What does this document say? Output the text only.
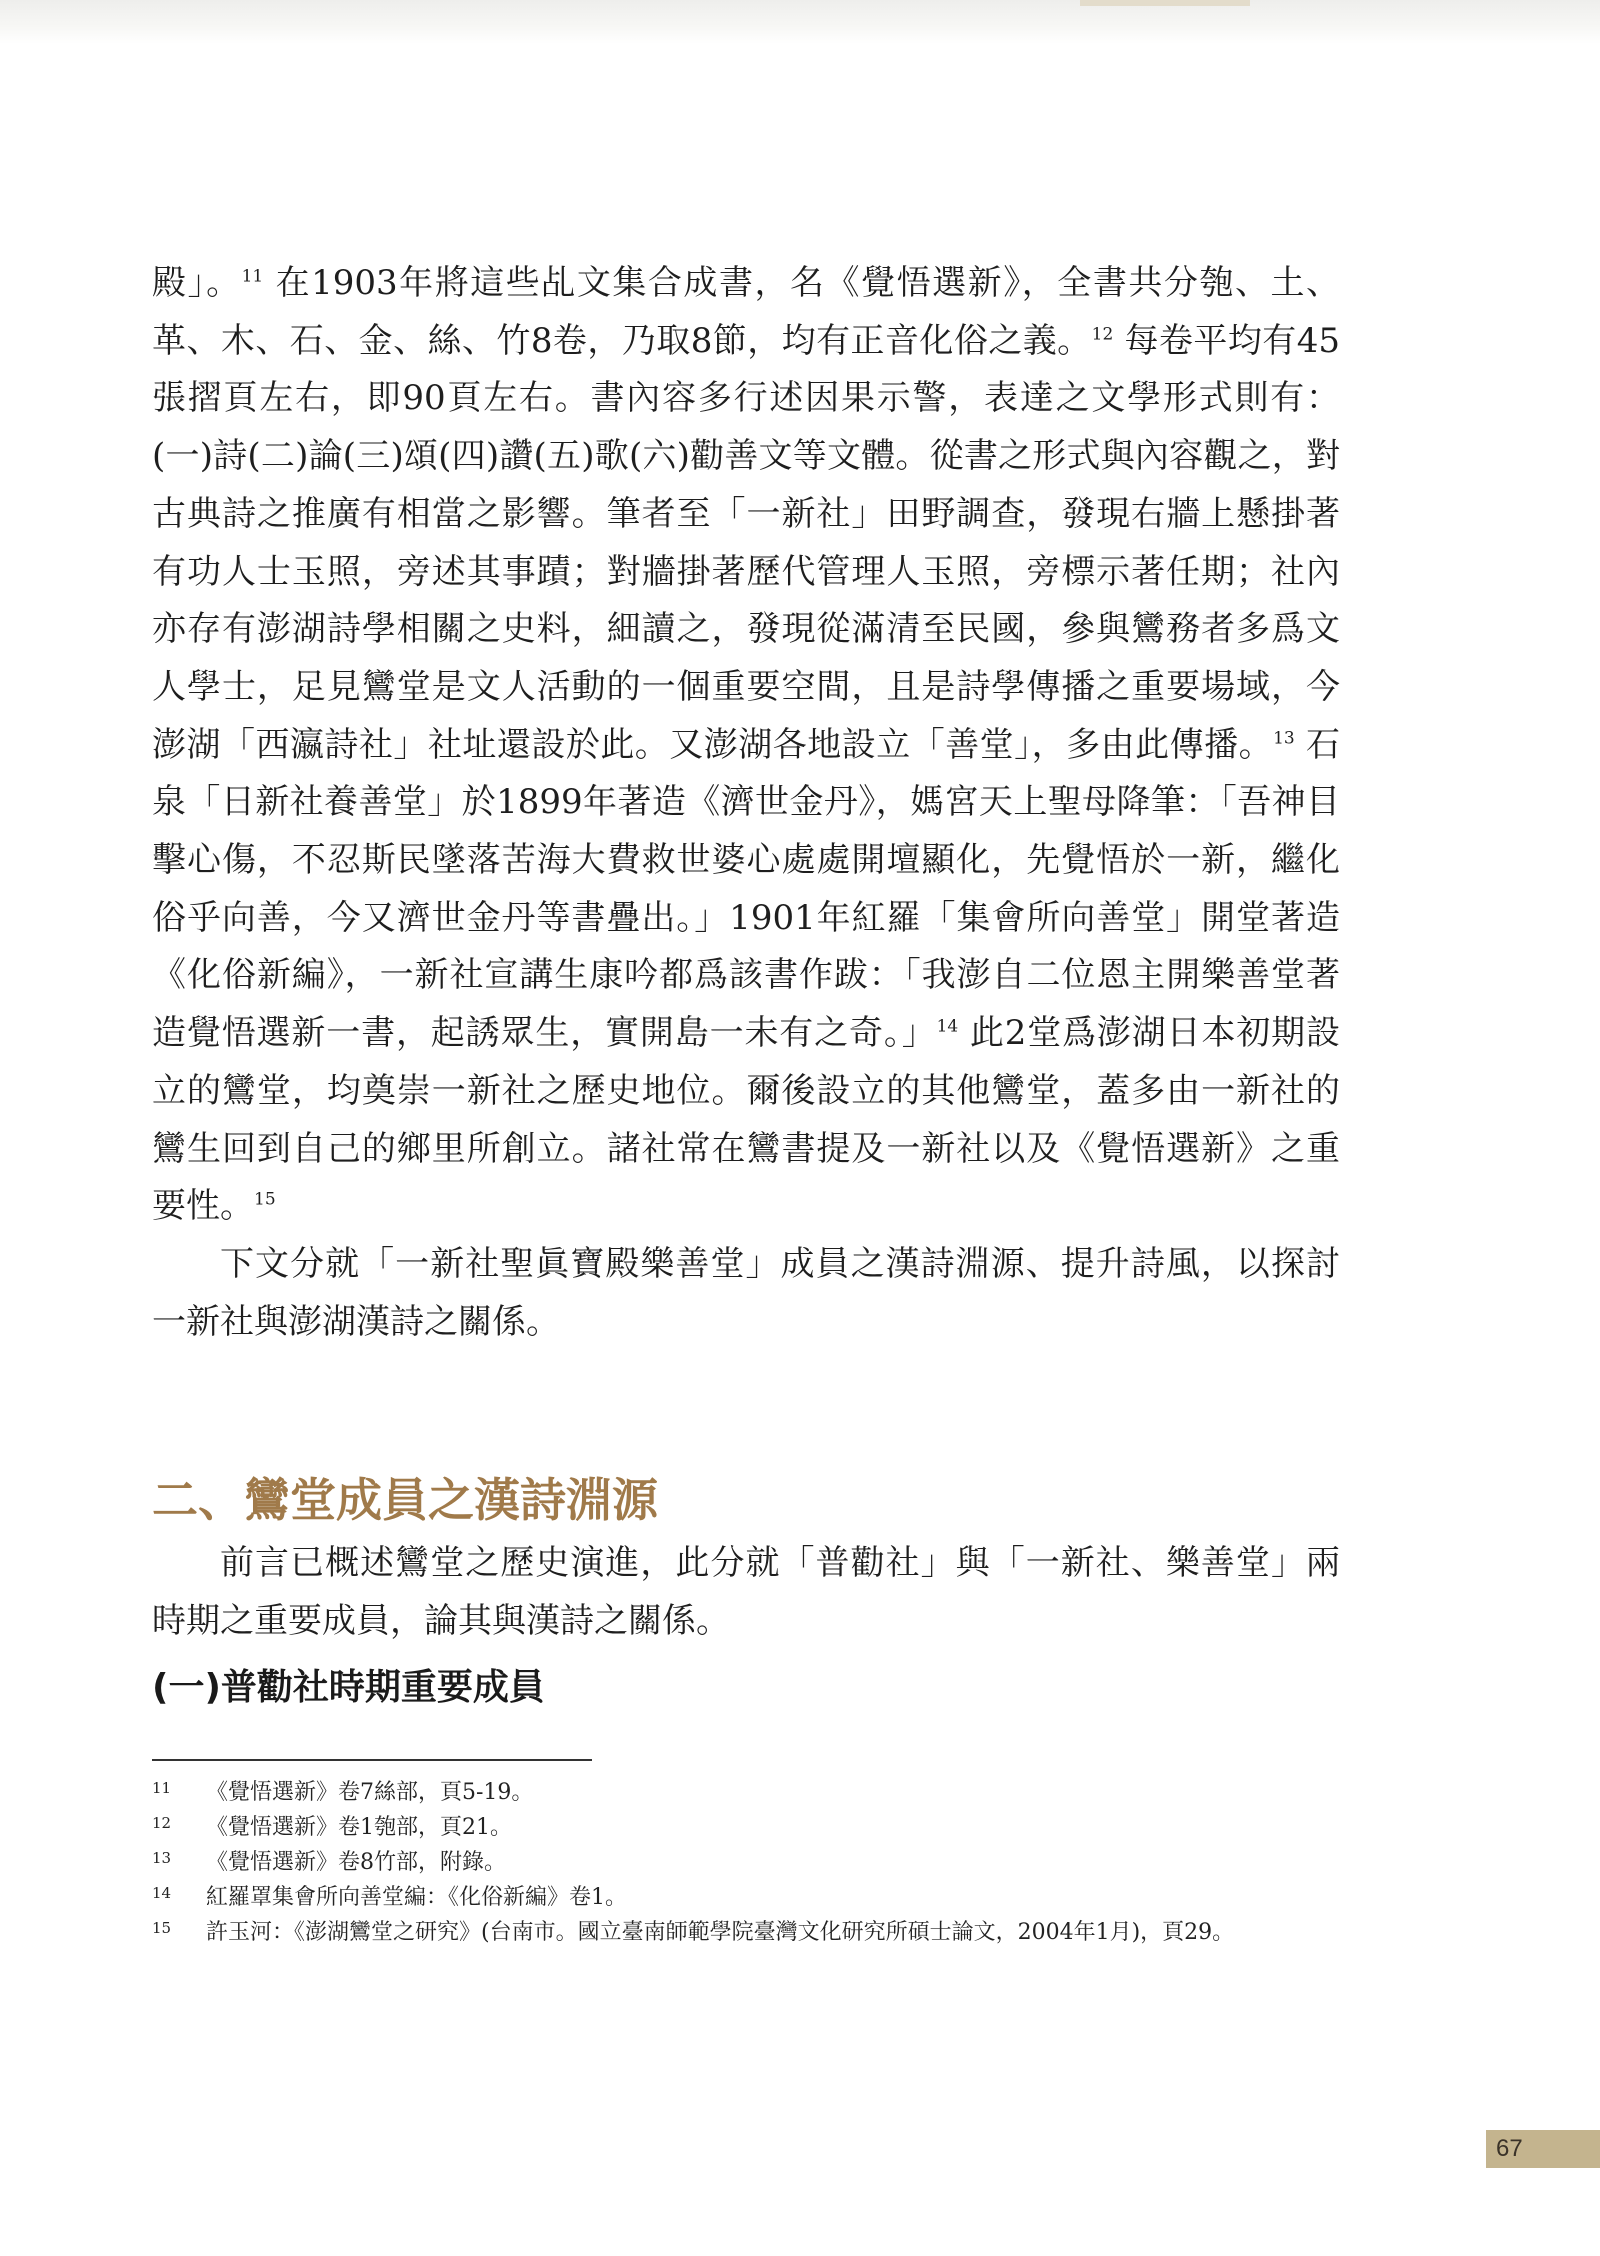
殿」。$^{11}$ 在1903年將這些乩文集合成書，名《覺悟選新》，全書共分匏、土、革、木、石、金、絲、竹8卷，乃取8節，均有正音化俗之義。$^{12}$ 每卷平均有45張摺頁左右，即90頁左右。書內容多行述因果示警，表達之文學形式則有：(一)詩(二)論(三)頌(四)讚(五)歌(六)勸善文等文體。從書之形式與內容觀之，對古典詩之推廣有相當之影響。筆者至「一新社」田野調查，發現右牆上懸掛著有功人士玉照，旁述其事蹟；對牆掛著歷代管理人玉照，旁標示著任期；社內亦存有澎湖詩學相關之史料，細讀之，發現從滿清至民國，參與鸞務者多爲文人學士，足見鸞堂是文人活動的一個重要空間，且是詩學傳播之重要場域，今澎湖「西瀛詩社」社址還設於此。又澎湖各地設立「善堂」，多由此傳播。$^{13}$ 石泉「日新社養善堂」於1899年著造《濟世金丹》，媽宮天上聖母降筆：「吾神目擊心傷，不忍斯民墜落苦海大費救世婆心處處開壇顯化，先覺悟於一新，繼化俗乎向善，今又濟世金丹等書疊出。」1901年紅羅「集會所向善堂」開堂著造《化俗新編》，一新社宣講生康吟都爲該書作跋：「我澎自二位恩主開樂善堂著造覺悟選新一書，起誘眾生，實開島一未有之奇。」$^{14}$ 此2堂爲澎湖日本初期設立的鸞堂，均奠崇一新社之歷史地位。爾後設立的其他鸞堂，蓋多由一新社的鸞生回到自己的鄉里所創立。諸社常在鸞書提及一新社以及《覺悟選新》之重要性。$^{15}$

下文分就「一新社聖眞寶殿樂善堂」成員之漢詩淵源、提升詩風，以探討一新社與澎湖漢詩之關係。

二、鸞堂成員之漢詩淵源

前言已概述鸞堂之歷史演進，此分就「普勸社」與「一新社、樂善堂」兩時期之重要成員，論其與漢詩之關係。

(一)普勸社時期重要成員
11	《覺悟選新》卷7絲部，頁5-19。
12	《覺悟選新》卷1匏部，頁21。
13	《覺悟選新》卷8竹部，附錄。
14	紅羅罩集會所向善堂編：《化俗新編》卷1。
15	許玉河：《澎湖鸞堂之研究》(台南市。國立臺南師範學院臺灣文化研究所碩士論文，2004年1月)，頁29。
67
